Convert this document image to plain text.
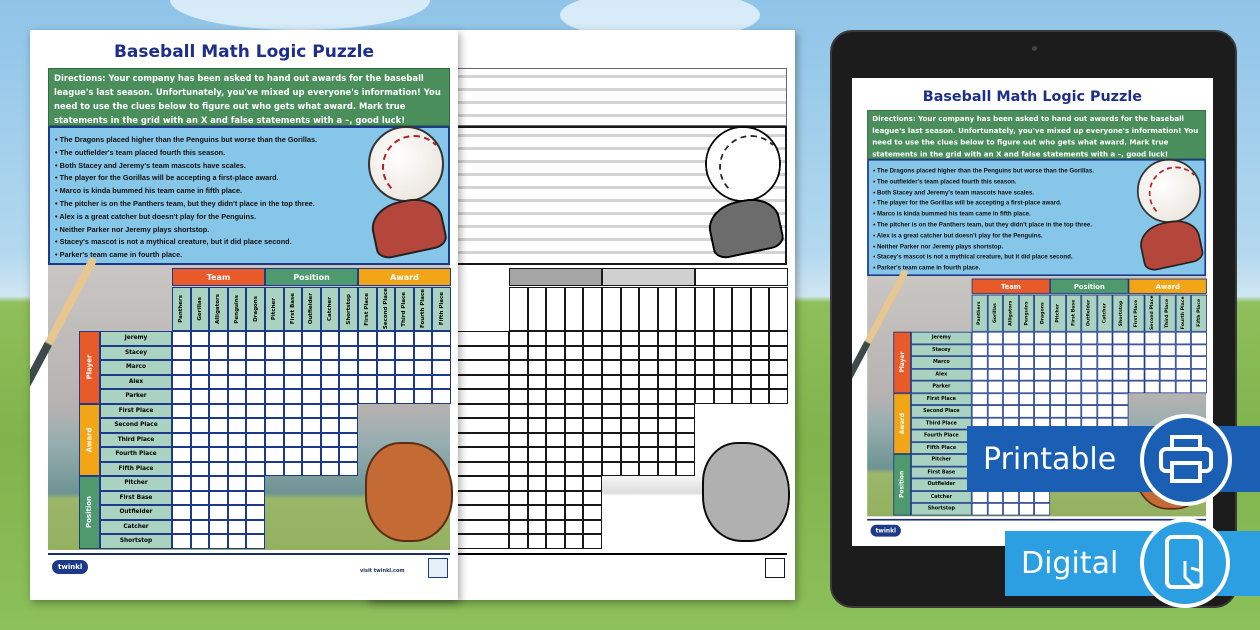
•
•
•
•
•
•
•
•
•
•
Baseball Math Logic Puzzle
Directions: Your company has been asked to hand out awards for the baseball league's last season. Unfortunately, you've mixed up everyone's information! You need to use the clues below to figure out who gets what award. Mark true statements in the grid with an X and false statements with a –, good luck!
• The Dragons placed higher than the Penguins but worse than the Gorillas.
• The outfielder's team placed fourth this season.
• Both Stacey and Jeremy's team mascots have scales.
• The player for the Gorillas will be accepting a first-place award.
• Marco is kinda bummed his team came in fifth place.
• The pitcher is on the Panthers team, but they didn't place in the top three.
• Alex is a great catcher but doesn't play for the Penguins.
• Neither Parker nor Jeremy plays shortstop.
• Stacey's mascot is not a mythical creature, but it did place second.
• Parker's team came in fourth place.
Team
Panthers Gorillas Alligators Penguins Dragons
Position
Pitcher First Base Outfielder Catcher Shortstop
Award
First Place Second Place Third Place Fourth Place Fifth Place
Player
Jeremy
Stacey
Marco
Alex
Parker
Award
First Place
Second Place
Third Place
Fourth Place
Fifth Place
Position
Pitcher
First Base
Outfielder
Catcher
Shortstop
twinkl	visit twinkl.com
Baseball Math Logic Puzzle
Directions: Your company has been asked to hand out awards for the baseball league's last season. Unfortunately, you've mixed up everyone's information! You need to use the clues below to figure out who gets what award. Mark true statements in the grid with an X and false statements with a –, good luck!
• The Dragons placed higher than the Penguins but worse than the Gorillas.
• The outfielder's team placed fourth this season.
• Both Stacey and Jeremy's team mascots have scales.
• The player for the Gorillas will be accepting a first-place award.
• Marco is kinda bummed his team came in fifth place.
• The pitcher is on the Panthers team, but they didn't place in the top three.
• Alex is a great catcher but doesn't play for the Penguins.
• Neither Parker nor Jeremy plays shortstop.
• Stacey's mascot is not a mythical creature, but it did place second.
• Parker's team came in fourth place.
Team
Panthers Gorillas Alligators Penguins Dragons
Position
Pitcher First Base Outfielder Catcher Shortstop
Award
First Place Second Place Third Place Fourth Place Fifth Place
Player
Jeremy
Stacey
Marco
Alex
Parker
Award
First Place
Second Place
Third Place
Fourth Place
Fifth Place
Position
Pitcher
First Base
Outfielder
Catcher
Shortstop
twinkl
Printable
Digital
